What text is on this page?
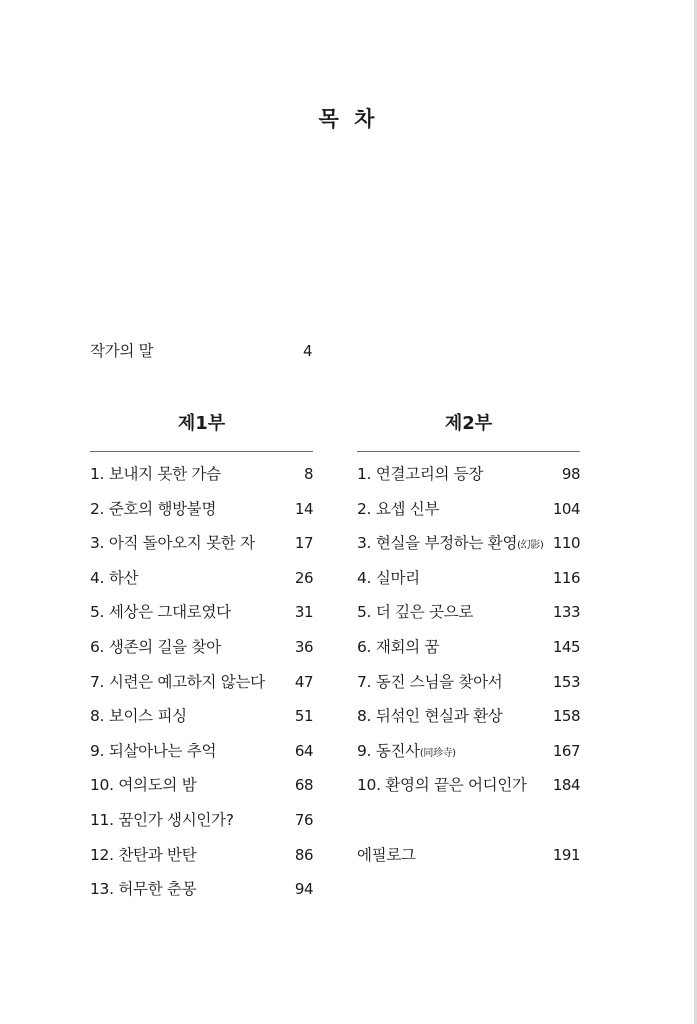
목 차
작가의 말	4
제1부
1. 보내지 못한 가슴	8
2. 준호의 행방불명	14
3. 아직 돌아오지 못한 자	17
4. 하산	26
5. 세상은 그대로였다	31
6. 생존의 길을 찾아	36
7. 시련은 예고하지 않는다 47
8. 보이스 피싱	51
9. 되살아나는 추억	64
10. 여의도의 밤	68
11. 꿈인가 생시인가?	76
12. 찬탄과 반탄	86
13. 허무한 춘몽	94
제2부
1. 연결고리의 등장	98
2. 요셉 신부	104
3. 현실을 부정하는 환영(幻影) 110
4. 실마리	116
5. 더 깊은 곳으로	133
6. 재회의 꿈	145
7. 동진 스님을 찾아서	153
8. 뒤섞인 현실과 환상	158
9. 동진사(同珍寺)	167
10. 환영의 끝은 어디인가 184
에필로그	191
